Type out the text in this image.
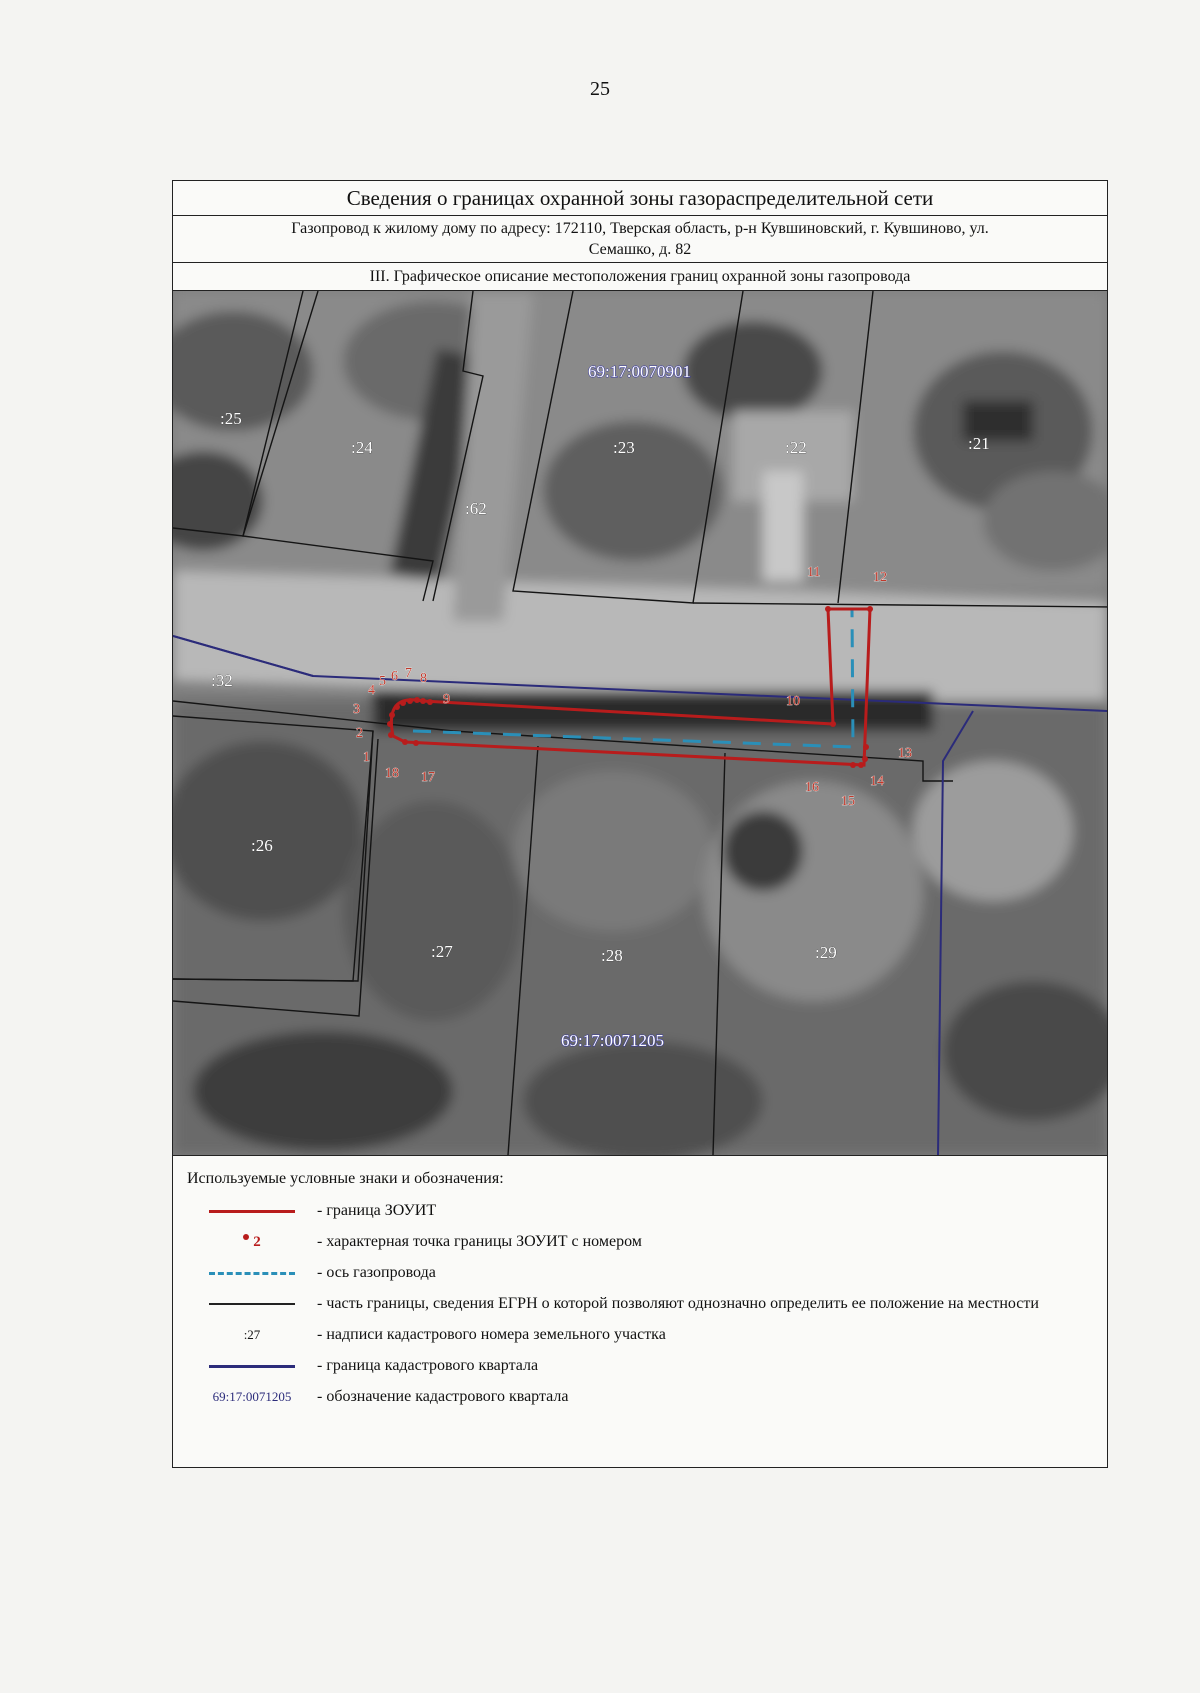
25
Сведения о границах охранной зоны газораспределительной сети
Газопровод к жилому дому по адресу: 172110, Тверская область, р-н Кувшиновский, г. Кувшиново, ул.
Семашко, д. 82
III. Графическое описание местоположения границ охранной зоны газопровода
1
2
3
4
5 6 7 8
9	10
11	12
13
14
15
16
17
18
:25
:24
:62
:23	:22	:21
:32
:26
:27	:28	:29
69:17:0070901
69:17:0071205
Используемые условные знаки и обозначения:
- граница ЗОУИТ
2	- характерная точка границы ЗОУИТ с номером
- ось газопровода
- часть границы, сведения ЕГРН о которой позволяют однозначно определить ее положение на местности
:27	- надписи кадастрового номера земельного участка
- граница кадастрового квартала
69:17:0071205	- обозначение кадастрового квартала
